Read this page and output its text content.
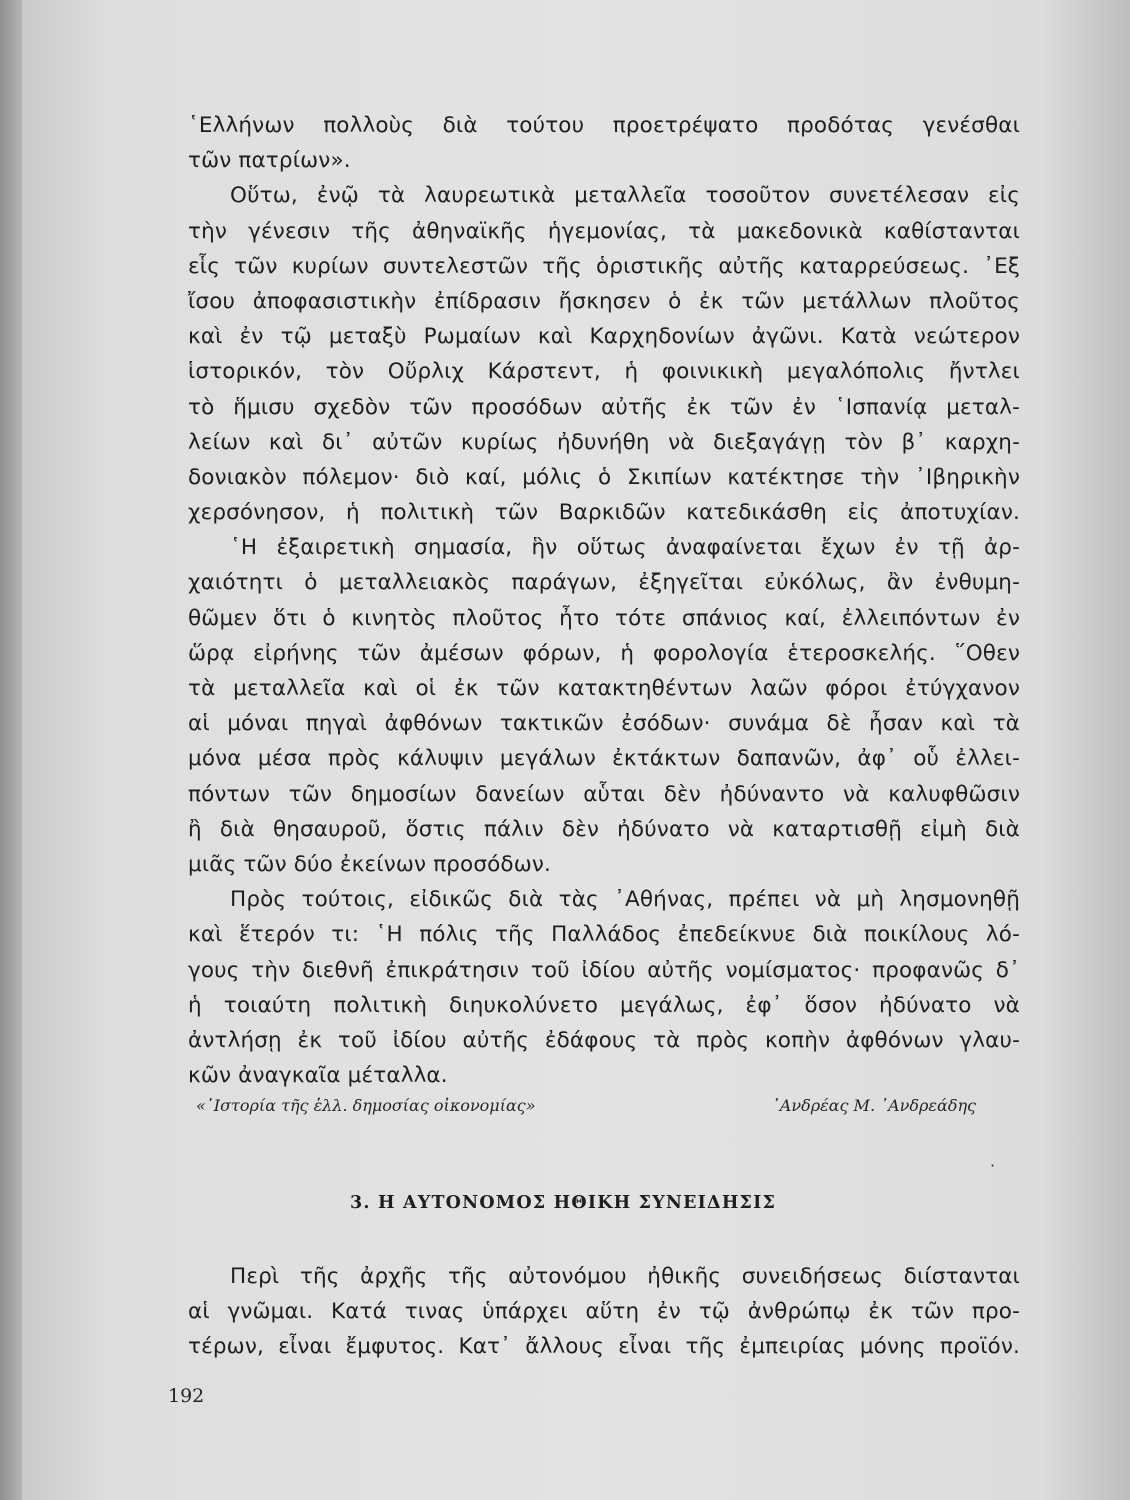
῾Ελλήνων πολλοὺς διὰ τούτου προετρέψατο προδότας γενέσθαι
τῶν πατρίων».
Οὕτω, ἐνῷ τὰ λαυρεωτικὰ μεταλλεῖα τοσοῦτον συνετέλεσαν εἰς
τὴν γένεσιν τῆς ἀθηναϊκῆς ἡγεμονίας, τὰ μακεδονικὰ καθίστανται
εἷς τῶν κυρίων συντελεστῶν τῆς ὁριστικῆς αὐτῆς καταρρεύσεως. ᾿Εξ
ἴσου ἀποφασιστικὴν ἐπίδρασιν ἤσκησεν ὁ ἐκ τῶν μετάλλων πλοῦτος
καὶ ἐν τῷ μεταξὺ Ρωμαίων καὶ Καρχηδονίων ἀγῶνι. Κατὰ νεώτερον
ἱστορικόν, τὸν Οὔρλιχ Κάρστεντ, ἡ φοινικικὴ μεγαλόπολις ἤντλει
τὸ ἥμισυ σχεδὸν τῶν προσόδων αὐτῆς ἐκ τῶν ἐν ῾Ισπανίᾳ μεταλ-
λείων καὶ δι᾿ αὐτῶν κυρίως ἠδυνήθη νὰ διεξαγάγῃ τὸν β᾿ καρχη-
δονιακὸν πόλεμον· διὸ καί, μόλις ὁ Σκιπίων κατέκτησε τὴν ᾿Ιβηρικὴν
χερσόνησον, ἡ πολιτικὴ τῶν Βαρκιδῶν κατεδικάσθη εἰς ἀποτυχίαν.
῾Η ἐξαιρετικὴ σημασία, ἣν οὕτως ἀναφαίνεται ἔχων ἐν τῇ ἀρ-
χαιότητι ὁ μεταλλειακὸς παράγων, ἐξηγεῖται εὐκόλως, ἂν ἐνθυμη-
θῶμεν ὅτι ὁ κινητὸς πλοῦτος ἦτο τότε σπάνιος καί, ἐλλειπόντων ἐν
ὥρᾳ εἰρήνης τῶν ἀμέσων φόρων, ἡ φορολογία ἑτεροσκελής. ῞Οθεν
τὰ μεταλλεῖα καὶ οἱ ἐκ τῶν κατακτηθέντων λαῶν φόροι ἐτύγχανον
αἱ μόναι πηγαὶ ἀφθόνων τακτικῶν ἐσόδων· συνάμα δὲ ἦσαν καὶ τὰ
μόνα μέσα πρὸς κάλυψιν μεγάλων ἐκτάκτων δαπανῶν, ἀφ᾿ οὗ ἐλλει-
πόντων τῶν δημοσίων δανείων αὗται δὲν ἠδύναντο νὰ καλυφθῶσιν
ἢ διὰ θησαυροῦ, ὅστις πάλιν δὲν ἠδύνατο νὰ καταρτισθῇ εἰμὴ διὰ
μιᾶς τῶν δύο ἐκείνων προσόδων.
Πρὸς τούτοις, εἰδικῶς διὰ τὰς ᾿Αθήνας, πρέπει νὰ μὴ λησμονηθῇ
καὶ ἕτερόν τι: ῾Η πόλις τῆς Παλλάδος ἐπεδείκνυε διὰ ποικίλους λό-
γους τὴν διεθνῆ ἐπικράτησιν τοῦ ἰδίου αὐτῆς νομίσματος· προφανῶς δ᾿
ἡ τοιαύτη πολιτικὴ διηυκολύνετο μεγάλως, ἐφ᾿ ὅσον ἠδύνατο νὰ
ἀντλήσῃ ἐκ τοῦ ἰδίου αὐτῆς ἐδάφους τὰ πρὸς κοπὴν ἀφθόνων γλαυ-
κῶν ἀναγκαῖα μέταλλα.
«῾Ιστορία τῆς ἑλλ. δημοσίας οἰκονομίας»	᾿Ανδρέας Μ. ᾿Ανδρεάδης
·
3. Η ΑΥΤΟΝΟΜΟΣ ΗΘΙΚΗ ΣΥΝΕΙΔΗΣΙΣ
Περὶ τῆς ἀρχῆς τῆς αὐτονόμου ἠθικῆς συνειδήσεως διίστανται
αἱ γνῶμαι. Κατά τινας ὑπάρχει αὕτη ἐν τῷ ἀνθρώπῳ ἐκ τῶν προ-
τέρων, εἶναι ἔμφυτος. Κατ᾿ ἄλλους εἶναι τῆς ἐμπειρίας μόνης προϊόν.
192
